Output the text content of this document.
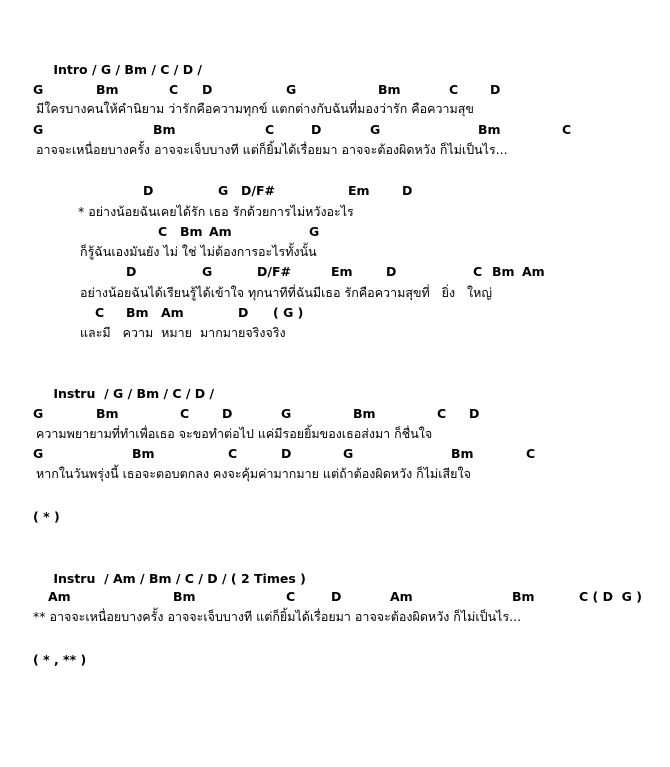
Intro / G / Bm / C / D /

G

	Bm

	C

D

	G

	Bm

	C

	D

มีใครบางคนให้คำนิยาม ว่ารักคือความทุกข์ แตกต่างกับฉันที่มองว่ารัก คือความสุข

G

	Bm

	C

	D

	G

	Bm

	C

อาจจะเหนื่อยบางครั้ง อาจจะเจ็บบางที แต่ก็ยิ้มได้เรื่อยมา อาจจะต้องผิดหวัง ก็ไม่เป็นไร...

D

	G

D/F#

	Em

	D

* อย่างน้อยฉันเคยได้รัก เธอ รักด้วยการไม่หวังอะไร

C

Bm

Am

	G

ก็รู้ฉันเองมันยัง ไม่ ใช่ ไม่ต้องการอะไรทั้งนั้น

D

	G

	D/F#

	Em

	D

	C

Bm

Am

อย่างน้อยฉันได้เรียนรู้ได้เข้าใจ ทุกนาทีที่ฉันมีเธอ รักคือความสุขที่   ยิ่ง   ใหญ่

C

Bm

Am

	D

( G )

และมี   ความ  หมาย  มากมายจริงจริง

Instru / G / Bm / C / D /

G

	Bm

	C

	D

	G

	Bm

	C

D

ความพยายามที่ทำเพื่อเธอ จะขอทำต่อไป แค่มีรอยยิ้มของเธอส่งมา ก็ชื่นใจ

G

	Bm

	C

	D

	G

	Bm

	C

หากในวันพรุ่งนี้ เธอจะตอบตกลง คงจะคุ้มค่ามากมาย แต่ถ้าต้องผิดหวัง ก็ไม่เสียใจ
( * )

Instru / Am / Bm / C / D / ( 2 Times )

Am

	Bm

	C

	D

	Am

	Bm

	C ( D  G )

** อาจจะเหนื่อยบางครั้ง อาจจะเจ็บบางที แต่ก็ยิ้มได้เรื่อยมา อาจจะต้องผิดหวัง ก็ไม่เป็นไร...
( * , ** )
